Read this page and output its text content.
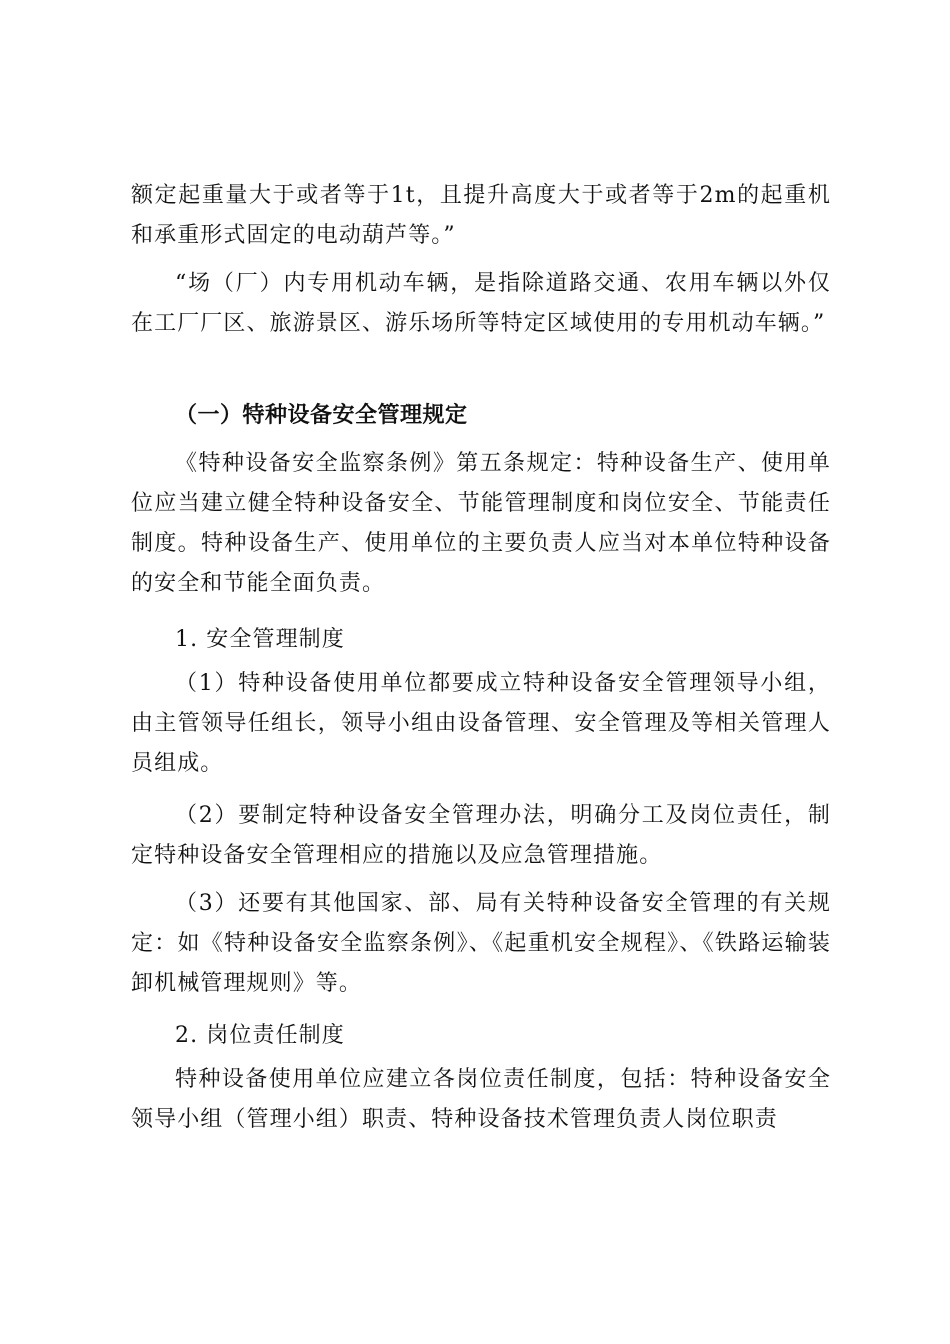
额定起重量大于或者等于1t，且提升高度大于或者等于2m的起重机和承重形式固定的电动葫芦等。”

“场（厂）内专用机动车辆，是指除道路交通、农用车辆以外仅在工厂厂区、旅游景区、游乐场所等特定区域使用的专用机动车辆。”

（一）特种设备安全管理规定

《特种设备安全监察条例》第五条规定：特种设备生产、使用单位应当建立健全特种设备安全、节能管理制度和岗位安全、节能责任制度。特种设备生产、使用单位的主要负责人应当对本单位特种设备的安全和节能全面负责。

1. 安全管理制度

（1）特种设备使用单位都要成立特种设备安全管理领导小组，由主管领导任组长，领导小组由设备管理、安全管理及等相关管理人员组成。

（2）要制定特种设备安全管理办法，明确分工及岗位责任，制定特种设备安全管理相应的措施以及应急管理措施。

（3）还要有其他国家、部、局有关特种设备安全管理的有关规定：如《特种设备安全监察条例》、《起重机安全规程》、《铁路运输装卸机械管理规则》等。

2. 岗位责任制度

特种设备使用单位应建立各岗位责任制度，包括：特种设备安全领导小组（管理小组）职责、特种设备技术管理负责人岗位职责
